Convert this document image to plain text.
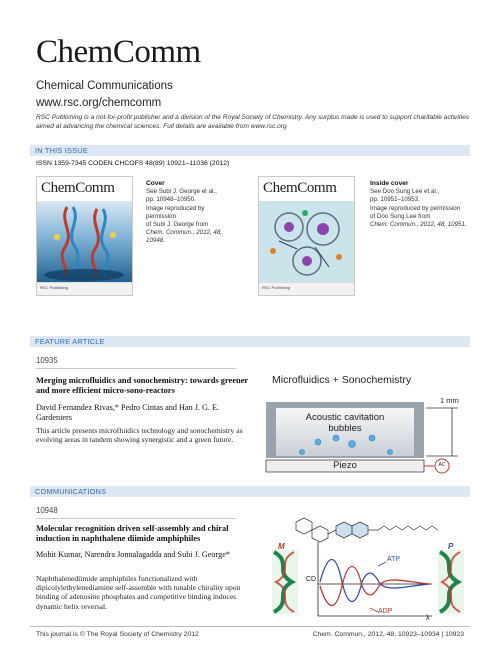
ChemComm
Chemical Communications
www.rsc.org/chemcomm
RSC Publishing is a not-for-profit publisher and a division of the Royal Society of Chemistry. Any surplus made is used to support charitable activities aimed at advancing the chemical sciences. Full details are available from www.rsc.org
IN THIS ISSUE
ISSN 1359-7345 CODEN CHCOFS 48(89) 10921–11036 (2012)
ChemComm
RSC Publishing
Cover
See Subi J. George et al.,
pp. 10948–10950.
Image reproduced by permission
of Subi J. George from
Chem. Commun., 2012, 48, 10948.
ChemComm
RSC Publishing
Inside cover
See Doo Sung Lee et al.,
pp. 10951–10953.
Image reproduced by permission
of Doo Sung Lee from
Chem. Commun., 2012, 48, 10951.
FEATURE ARTICLE
10935
Merging microfluidics and sonochemistry: towards greener and more efficient micro-sono-reactors
David Fernandez Rivas,* Pedro Cintas and Han J. G. E. Gardeniers
This article presents microfluidics technology and sonochemistry as evolving areas in tandem showing synergistic and a green future.
Microfluidics + Sonochemistry
1 mm
Acoustic cavitation
bubbles
Piezo	AC
COMMUNICATIONS
10948
Molecular recognition driven self-assembly and chiral induction in naphthalene diimide amphiphiles
Mohit Kumar, Narendra Jonnalagadda and Subi J. George*
Naphthalenediimide amphiphiles functionalized with dipicolylethylenediamine self-assemble with tunable chirality upon binding of adenosine phosphates and competitive binding induces dynamic helix reversal.
M	P
ATP
ADP
CD
λ
This journal is © The Royal Society of Chemistry 2012	Chem. Commun., 2012, 48, 10923–10934 | 10923
